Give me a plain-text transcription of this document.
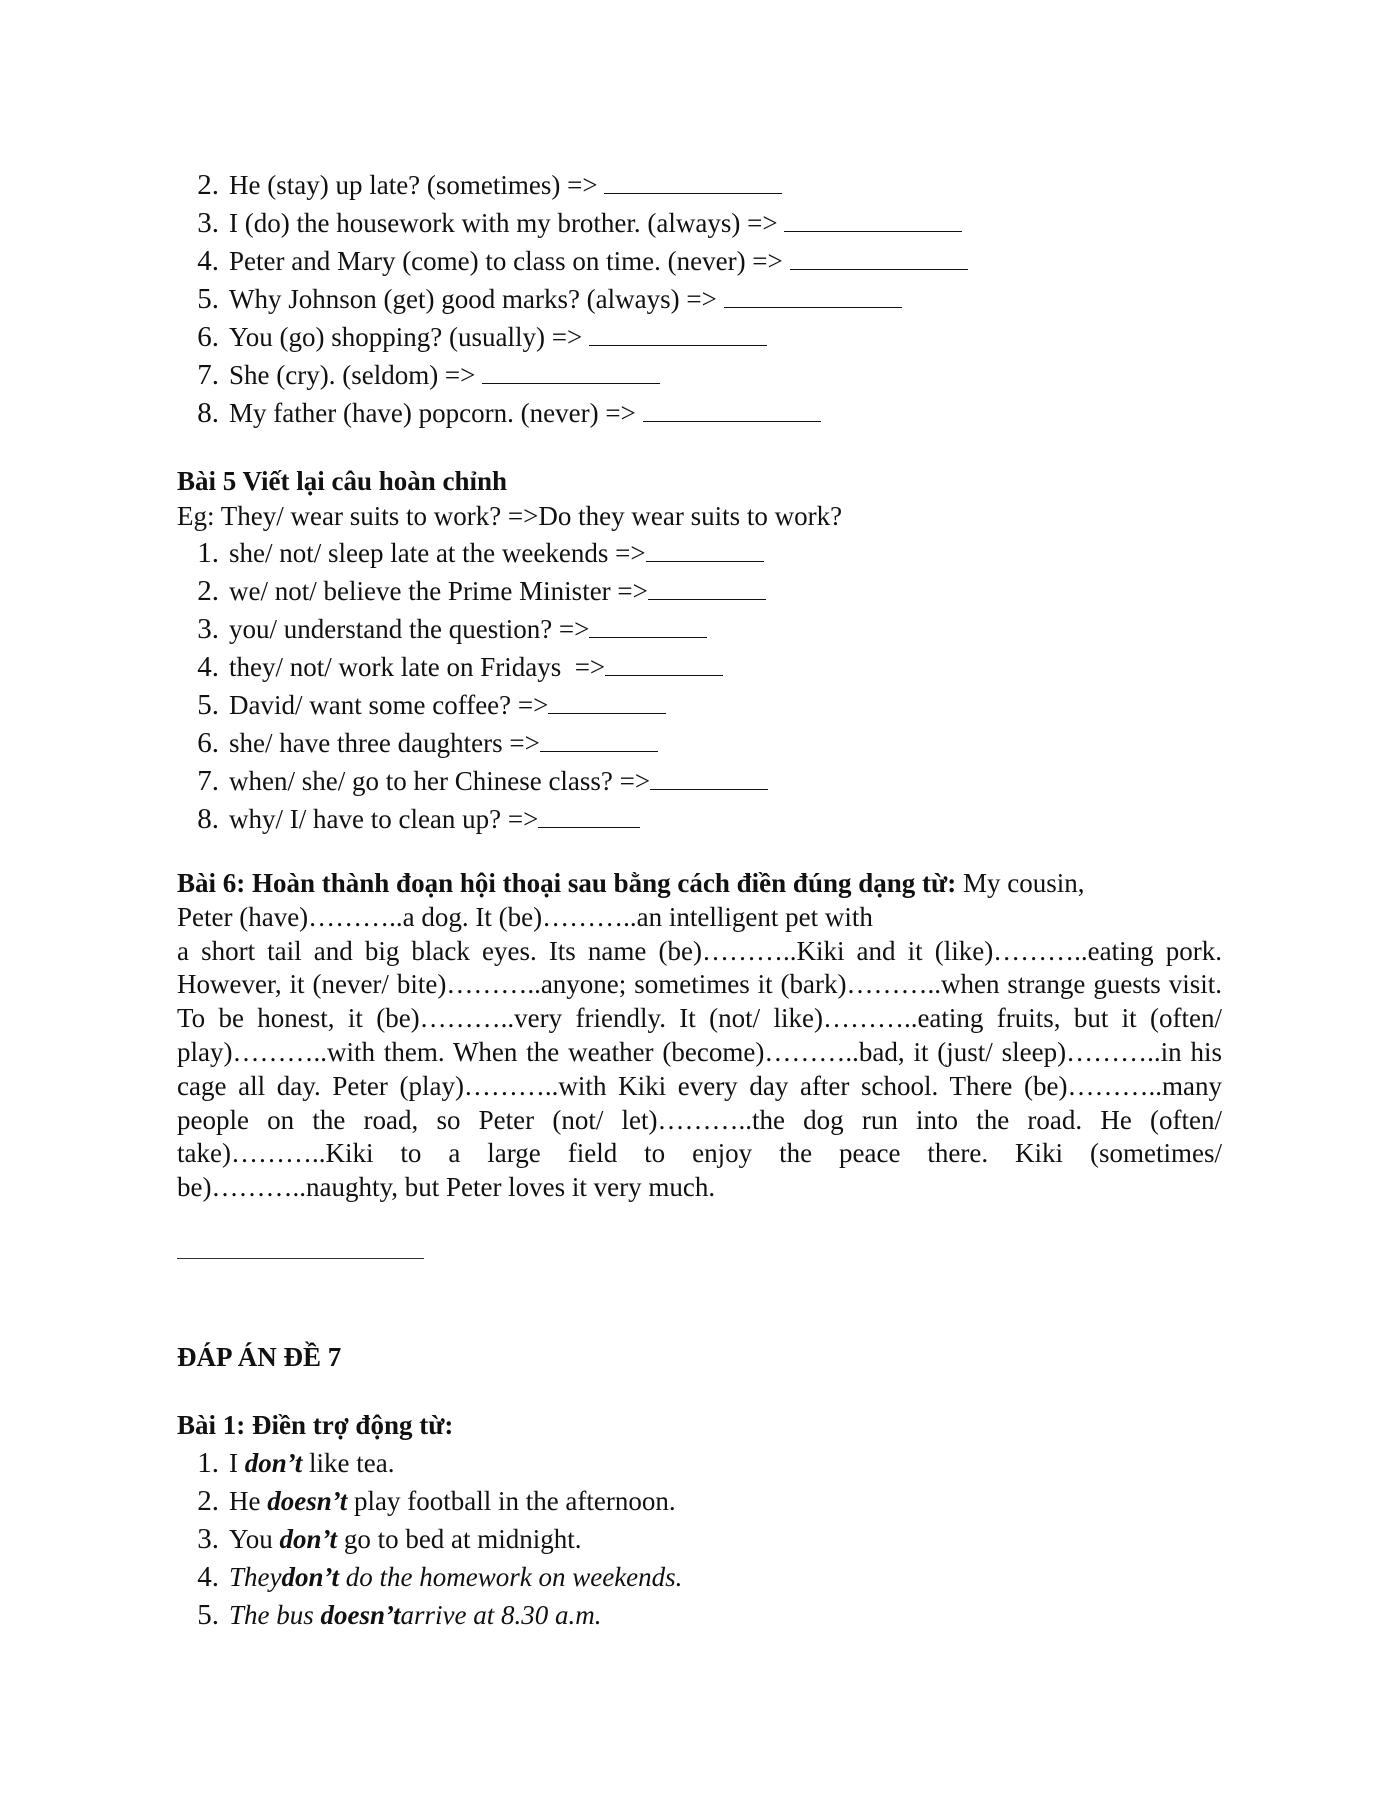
2. He (stay) up late? (sometimes) =>
3. I (do) the housework with my brother. (always) =>
4. Peter and Mary (come) to class on time. (never) =>
5. Why Johnson (get) good marks? (always) =>
6. You (go) shopping? (usually) =>
7. She (cry). (seldom) =>
8. My father (have) popcorn. (never) =>
Bài 5 Viết lại câu hoàn chỉnh
Eg: They/ wear suits to work? =>Do they wear suits to work?
1. she/ not/ sleep late at the weekends =>
2. we/ not/ believe the Prime Minister =>
3. you/ understand the question? =>
4. they/ not/ work late on Fridays  =>
5. David/ want some coffee? =>
6. she/ have three daughters =>
7. when/ she/ go to her Chinese class? =>
8. why/ I/ have to clean up? =>

Bài 6: Hoàn thành đoạn hội thoại sau bằng cách điền đúng dạng từ: My cousin, Peter (have)………..a dog. It (be)………..an intelligent pet with

a short tail and big black eyes. Its name (be)………..Kiki and it (like)………..eating pork. However, it (never/ bite)………..anyone; sometimes it (bark)………..when strange guests visit. To be honest, it (be)………..very friendly. It (not/ like)………..eating fruits, but it (often/ play)………..with them. When the weather (become)………..bad, it (just/ sleep)………..in his cage all day. Peter (play)………..with Kiki every day after school. There (be)………..many people on the road, so Peter (not/ let)………..the dog run into the road. He (often/ take)………..Kiki to a large field to enjoy the peace there. Kiki (sometimes/ be)………..naughty, but Peter loves it very much.

ĐÁP ÁN ĐỀ 7
Bài 1: Điền trợ động từ:
1. I don’t like tea.
2. He doesn’t play football in the afternoon.
3. You don’t go to bed at midnight.
4. Theydon’t do the homework on weekends.
5. The bus doesn’tarrive at 8.30 a.m.
